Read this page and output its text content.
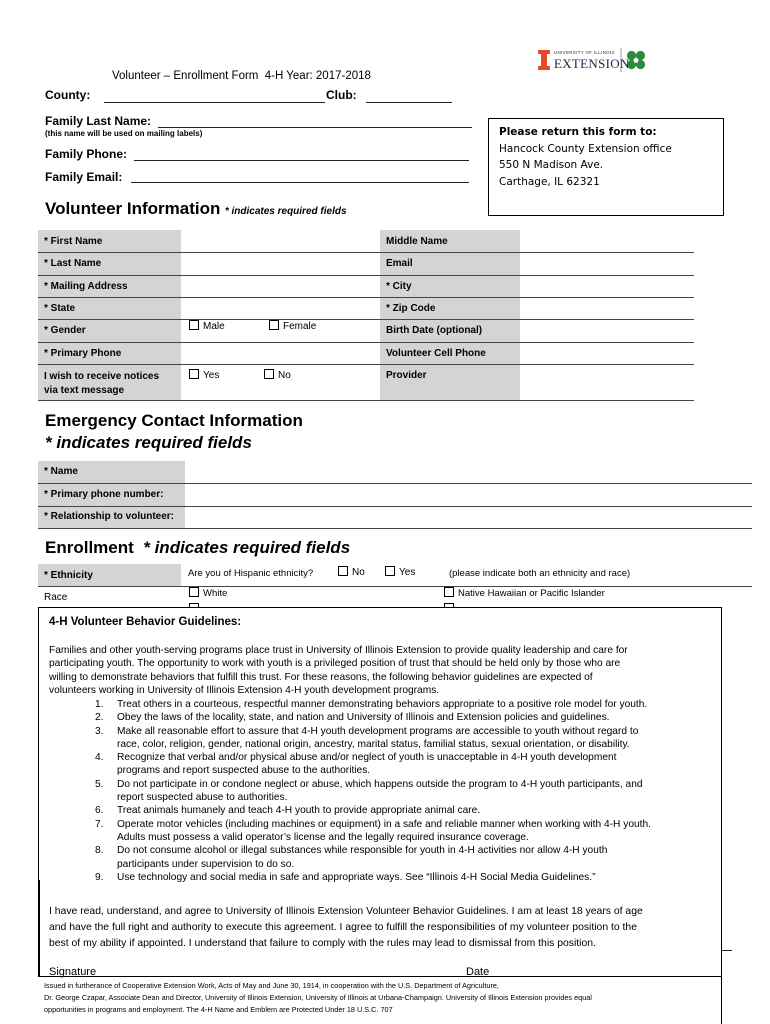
H
UNIVERSITY OF ILLINOIS
EXTENSION
Volunteer – Enrollment Form 4-H Year: 2017-2018
County:	Club:
Family Last Name:
(this name will be used on mailing labels)
Family Phone:
Family Email:
Please return this form to:
Hancock County Extension office
550 N Madison Ave.
Carthage, IL 62321
Volunteer Information * indicates required fields
* First Name	Middle Name
* Last Name	Email
* Mailing Address	* City
* State	* Zip Code
* Gender	Male	Female	Birth Date (optional)
* Primary Phone	Volunteer Cell Phone
I wish to receive notices
via text message
Yes	No	Provider
Emergency Contact Information
* indicates required fields
* Name
* Primary phone number:
* Relationship to volunteer:
Enrollment * indicates required fields
* Ethnicity	Are you of Hispanic ethnicity?	No	Yes	(please indicate both an ethnicity and race)
Race	White	Native Hawaiian or Pacific Islander
4-H Volunteer Behavior Guidelines:
Families and other youth-serving programs place trust in University of Illinois Extension to provide quality leadership and care for
participating youth. The opportunity to work with youth is a privileged position of trust that should be held only by those who are
willing to demonstrate behaviors that fulfill this trust. For these reasons, the following behavior guidelines are expected of
volunteers working in University of Illinois Extension 4-H youth development programs.
1. Treat others in a courteous, respectful manner demonstrating behaviors appropriate to a positive role model for youth.
2. Obey the laws of the locality, state, and nation and University of Illinois and Extension policies and guidelines.
3. Make all reasonable effort to assure that 4-H youth development programs are accessible to youth without regard to
race, color, religion, gender, national origin, ancestry, marital status, familial status, sexual orientation, or disability.
4. Recognize that verbal and/or physical abuse and/or neglect of youth is unacceptable in 4-H youth development
programs and report suspected abuse to the authorities.
5. Do not participate in or condone neglect or abuse, which happens outside the program to 4-H youth participants, and
report suspected abuse to authorities.
6. Treat animals humanely and teach 4-H youth to provide appropriate animal care.
7. Operate motor vehicles (including machines or equipment) in a safe and reliable manner when working with 4-H youth.
Adults must possess a valid operator’s license and the legally required insurance coverage.
8. Do not consume alcohol or illegal substances while responsible for youth in 4-H activities nor allow 4-H youth
participants under supervision to do so.
9. Use technology and social media in safe and appropriate ways. See “Illinois 4-H Social Media Guidelines.”
I have read, understand, and agree to University of Illinois Extension Volunteer Behavior Guidelines. I am at least 18 years of age
and have the full right and authority to execute this agreement. I agree to fulfill the responsibilities of my volunteer position to the
best of my ability if appointed. I understand that failure to comply with the rules may lead to dismissal from this position.
Signature	Date
Issued in furtherance of Cooperative Extension Work, Acts of May and June 30, 1914, in cooperation with the U.S. Department of Agriculture,
Dr. George Czapar, Associate Dean and Director, University of Illinois Extension, University of Illinois at Urbana-Champaign. University of Illinois Extension provides equal
opportunities in programs and employment. The 4-H Name and Emblem are Protected Under 18 U.S.C. 707
